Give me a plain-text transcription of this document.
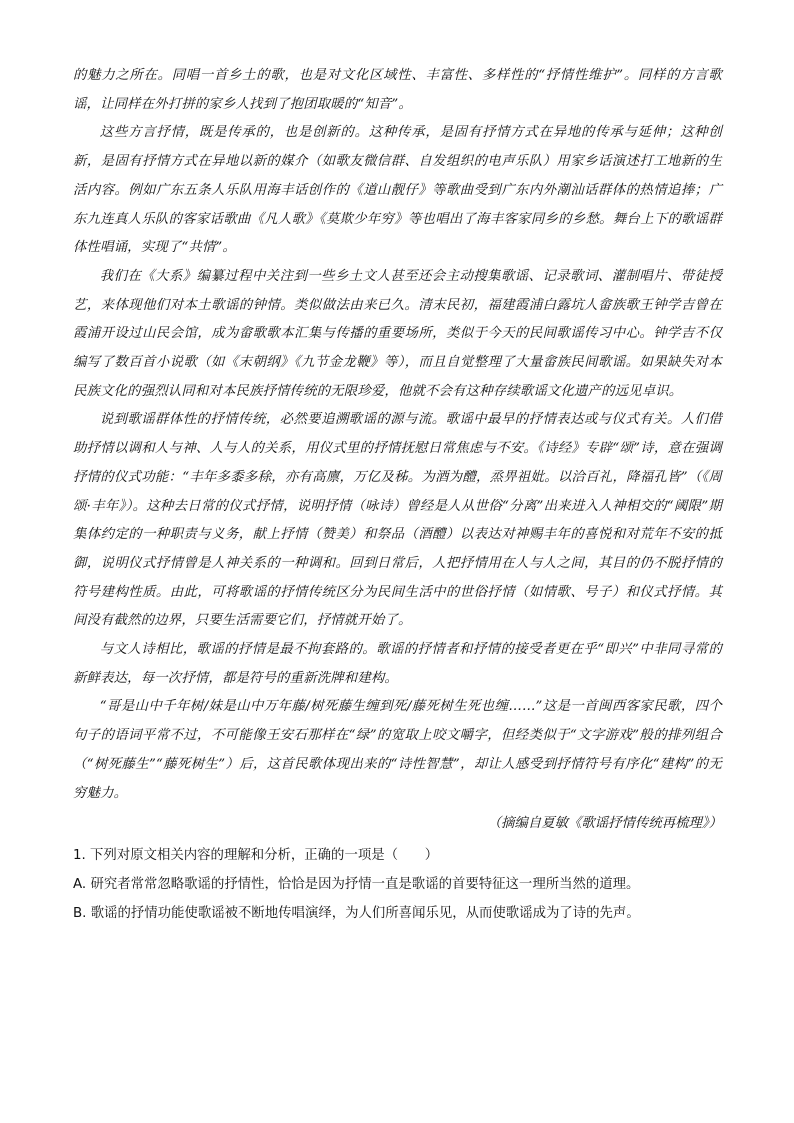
的魅力之所在。同唱一首乡土的歌，也是对文化区域性、丰富性、多样性的“抒情性维护”。同样的方言歌谣，让同样在外打拼的家乡人找到了抱团取暖的“知音”。

这些方言抒情，既是传承的，也是创新的。这种传承，是固有抒情方式在异地的传承与延伸；这种创新，是固有抒情方式在异地以新的媒介（如歌友微信群、自发组织的电声乐队）用家乡话演述打工地新的生活内容。例如广东五条人乐队用海丰话创作的《道山靓仔》等歌曲受到广东内外潮汕话群体的热情追捧；广东九连真人乐队的客家话歌曲《凡人歌》《莫欺少年穷》等也唱出了海丰客家同乡的乡愁。舞台上下的歌谣群体性唱诵，实现了“共情”。

我们在《大系》编纂过程中关注到一些乡土文人甚至还会主动搜集歌谣、记录歌词、灌制唱片、带徒授艺，来体现他们对本土歌谣的钟情。类似做法由来已久。清末民初，福建霞浦白露坑人畲族歌王钟学吉曾在霞浦开设过山民会馆，成为畲歌歌本汇集与传播的重要场所，类似于今天的民间歌谣传习中心。钟学吉不仅编写了数百首小说歌（如《末朝纲》《九节金龙鞭》等），而且自觉整理了大量畲族民间歌谣。如果缺失对本民族文化的强烈认同和对本民族抒情传统的无限珍爱，他就不会有这种存续歌谣文化遗产的远见卓识。

说到歌谣群体性的抒情传统，必然要追溯歌谣的源与流。歌谣中最早的抒情表达或与仪式有关。人们借助抒情以调和人与神、人与人的关系，用仪式里的抒情抚慰日常焦虑与不安。《诗经》专辟“颂”诗，意在强调抒情的仪式功能：“丰年多黍多稌，亦有高廪，万亿及秭。为酒为醴，烝畀祖妣。以洽百礼，降福孔皆”（《周颂·丰年》）。这种去日常的仪式抒情，说明抒情（咏诗）曾经是人从世俗“分离”出来进入人神相交的“阈限”期集体约定的一种职责与义务，献上抒情（赞美）和祭品（酒醴）以表达对神赐丰年的喜悦和对荒年不安的抵御，说明仪式抒情曾是人神关系的一种调和。回到日常后，人把抒情用在人与人之间，其目的仍不脱抒情的符号建构性质。由此，可将歌谣的抒情传统区分为民间生活中的世俗抒情（如情歌、号子）和仪式抒情。其间没有截然的边界，只要生活需要它们，抒情就开始了。

与文人诗相比，歌谣的抒情是最不拘套路的。歌谣的抒情者和抒情的接受者更在乎“即兴”中非同寻常的新鲜表达，每一次抒情，都是符号的重新洗牌和建构。

“哥是山中千年树/妹是山中万年藤/树死藤生缠到死/藤死树生死也缠……”这是一首闽西客家民歌，四个句子的语词平常不过，不可能像王安石那样在“绿”的宽取上咬文嚼字，但经类似于“文字游戏”般的排列组合（“树死藤生”“藤死树生”）后，这首民歌体现出来的“诗性智慧”，却让人感受到抒情符号有序化“建构”的无穷魅力。

（摘编自夏敏《歌谣抒情传统再梳理》）

1. 下列对原文相关内容的理解和分析，正确的一项是（　　）

A. 研究者常常忽略歌谣的抒情性，恰恰是因为抒情一直是歌谣的首要特征这一理所当然的道理。

B. 歌谣的抒情功能使歌谣被不断地传唱演绎，为人们所喜闻乐见，从而使歌谣成为了诗的先声。
